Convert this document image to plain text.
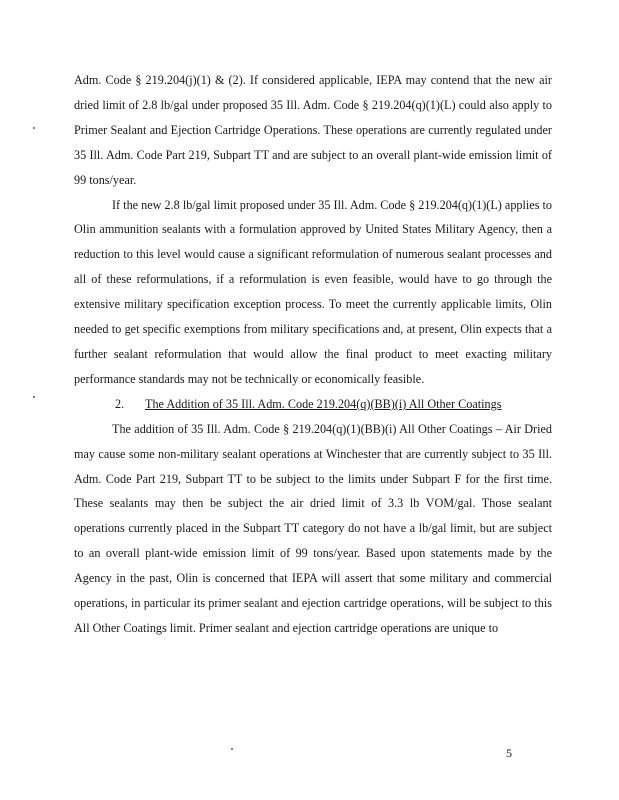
Adm. Code § 219.204(j)(1) & (2). If considered applicable, IEPA may contend that the new air dried limit of 2.8 lb/gal under proposed 35 Ill. Adm. Code § 219.204(q)(1)(L) could also apply to Primer Sealant and Ejection Cartridge Operations. These operations are currently regulated under 35 Ill. Adm. Code Part 219, Subpart TT and are subject to an overall plant-wide emission limit of 99 tons/year.

If the new 2.8 lb/gal limit proposed under 35 Ill. Adm. Code § 219.204(q)(1)(L) applies to Olin ammunition sealants with a formulation approved by United States Military Agency, then a reduction to this level would cause a significant reformulation of numerous sealant processes and all of these reformulations, if a reformulation is even feasible, would have to go through the extensive military specification exception process. To meet the currently applicable limits, Olin needed to get specific exemptions from military specifications and, at present, Olin expects that a further sealant reformulation that would allow the final product to meet exacting military performance standards may not be technically or economically feasible.

2. The Addition of 35 Ill. Adm. Code 219.204(q)(BB)(i) All Other Coatings

The addition of 35 Ill. Adm. Code § 219.204(q)(1)(BB)(i) All Other Coatings – Air Dried may cause some non-military sealant operations at Winchester that are currently subject to 35 Ill. Adm. Code Part 219, Subpart TT to be subject to the limits under Subpart F for the first time. These sealants may then be subject the air dried limit of 3.3 lb VOM/gal. Those sealant operations currently placed in the Subpart TT category do not have a lb/gal limit, but are subject to an overall plant-wide emission limit of 99 tons/year. Based upon statements made by the Agency in the past, Olin is concerned that IEPA will assert that some military and commercial operations, in particular its primer sealant and ejection cartridge operations, will be subject to this All Other Coatings limit. Primer sealant and ejection cartridge operations are unique to

5
